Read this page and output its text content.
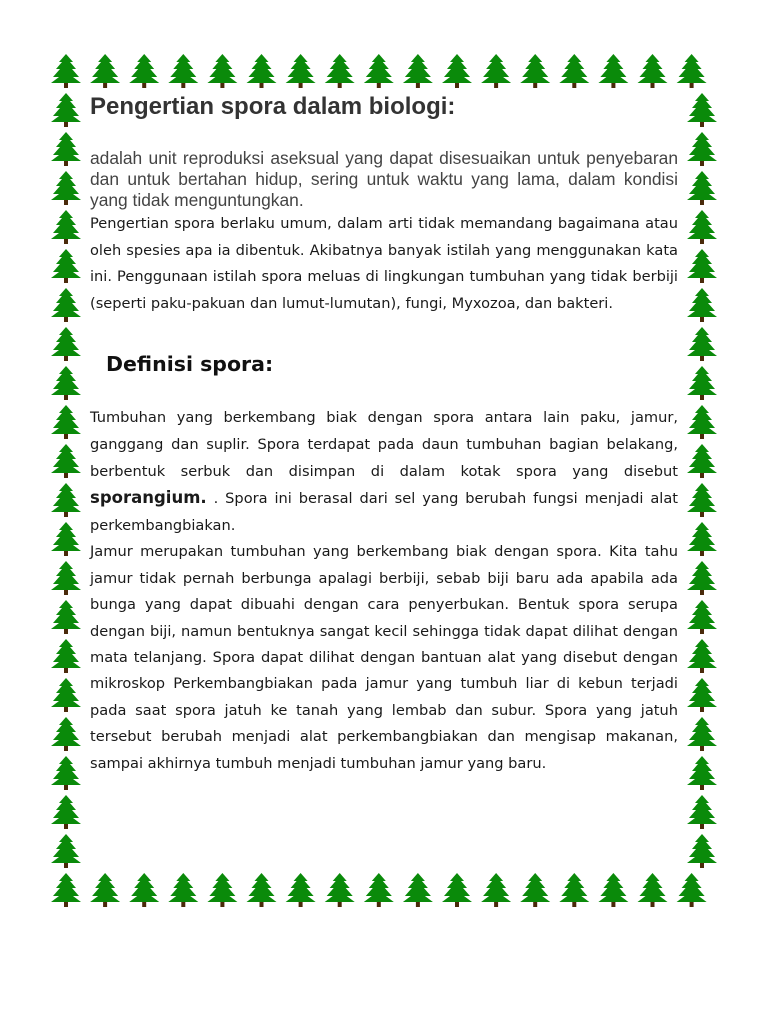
Pengertian spora dalam biologi:

adalah unit reproduksi aseksual yang dapat disesuaikan untuk penyebaran dan untuk bertahan hidup, sering untuk waktu yang lama, dalam kondisi yang tidak menguntungkan.

Pengertian spora berlaku umum, dalam arti tidak memandang bagaimana atau oleh spesies apa ia dibentuk. Akibatnya banyak istilah yang menggunakan kata ini. Penggunaan istilah spora meluas di lingkungan tumbuhan yang tidak berbiji (seperti paku-pakuan dan lumut-lumutan), fungi, Myxozoa, dan bakteri.

Definisi spora:

Tumbuhan yang berkembang biak dengan spora antara lain paku, jamur, ganggang dan suplir. Spora terdapat pada daun tumbuhan bagian belakang, berbentuk serbuk dan disimpan di dalam kotak spora yang disebut sporangium. . Spora ini berasal dari sel yang berubah fungsi menjadi alat perkembangbiakan.

Jamur merupakan tumbuhan yang berkembang biak dengan spora. Kita tahu jamur tidak pernah berbunga apalagi berbiji, sebab biji baru ada apabila ada bunga yang dapat dibuahi dengan cara penyerbukan. Bentuk spora serupa dengan biji, namun bentuknya sangat kecil sehingga tidak dapat dilihat dengan mata telanjang. Spora dapat dilihat dengan bantuan alat yang disebut dengan mikroskop Perkembangbiakan pada jamur yang tumbuh liar di kebun terjadi pada saat spora jatuh ke tanah yang lembab dan subur. Spora yang jatuh tersebut berubah menjadi alat perkembangbiakan dan mengisap makanan, sampai akhirnya tumbuh menjadi tumbuhan jamur yang baru.
